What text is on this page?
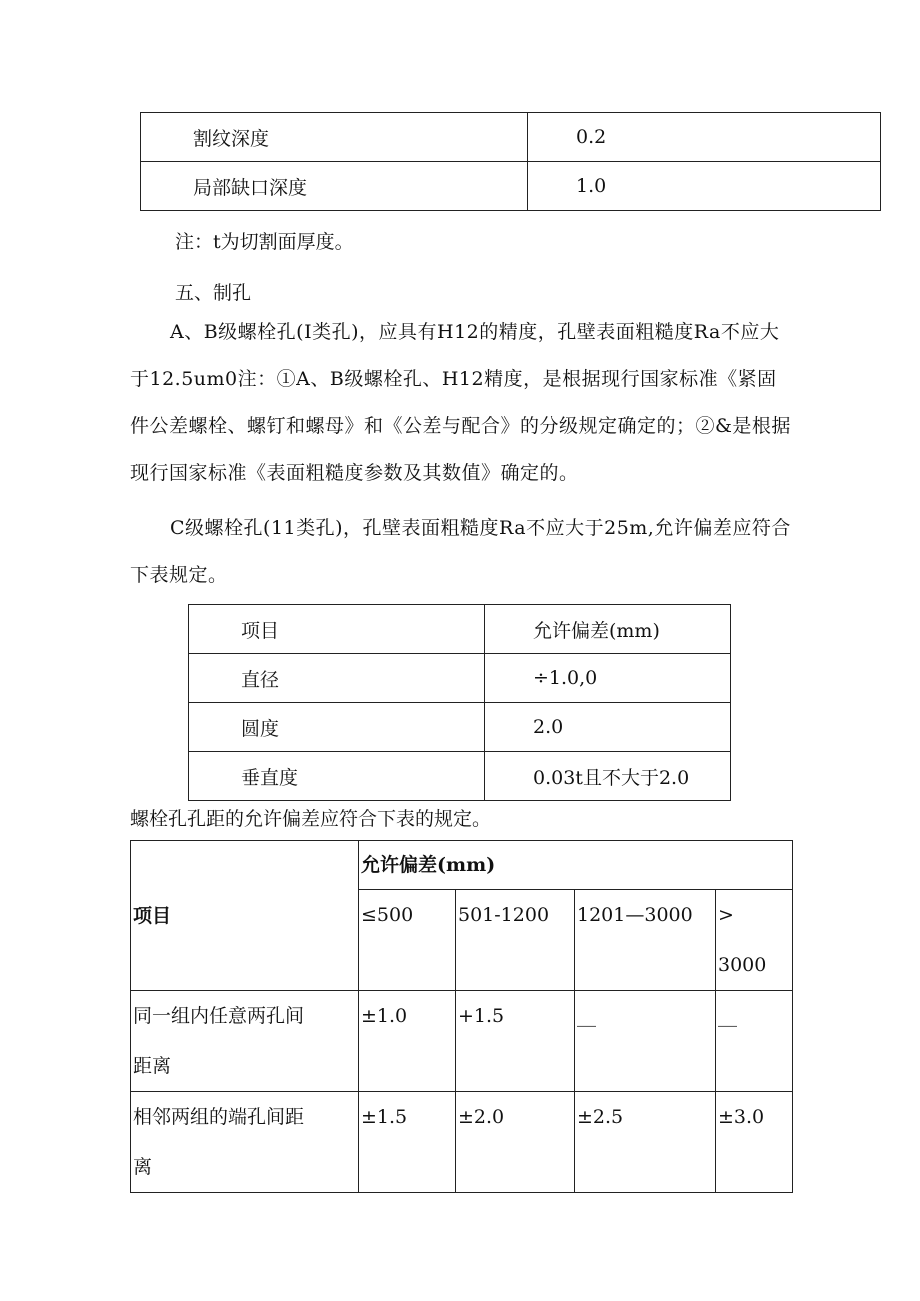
割纹深度	0.2
局部缺口深度	1.0
注：t为切割面厚度。
五、制孔
A、B级螺栓孔(I类孔)，应具有H12的精度，孔壁表面粗糙度Ra不应大于12.5um0注：①A、B级螺栓孔、H12精度，是根据现行国家标准《紧固件公差螺栓、螺钉和螺母》和《公差与配合》的分级规定确定的；②&是根据现行国家标准《表面粗糙度参数及其数值》确定的。
C级螺栓孔(11类孔)，孔壁表面粗糙度Ra不应大于25m,允许偏差应符合下表规定。
项目	允许偏差(mm)
直径	÷1.0,0
圆度	2.0
垂直度	0.03t且不大于2.0
螺栓孔孔距的允许偏差应符合下表的规定。
项目	允许偏差(mm)			
	≤500	501-1200	1201—3000	>
3000

同一组内任意两孔间
距离	±1.0	+1.5	__	__

相邻两组的端孔间距
离	±1.5	±2.0	±2.5	±3.0
